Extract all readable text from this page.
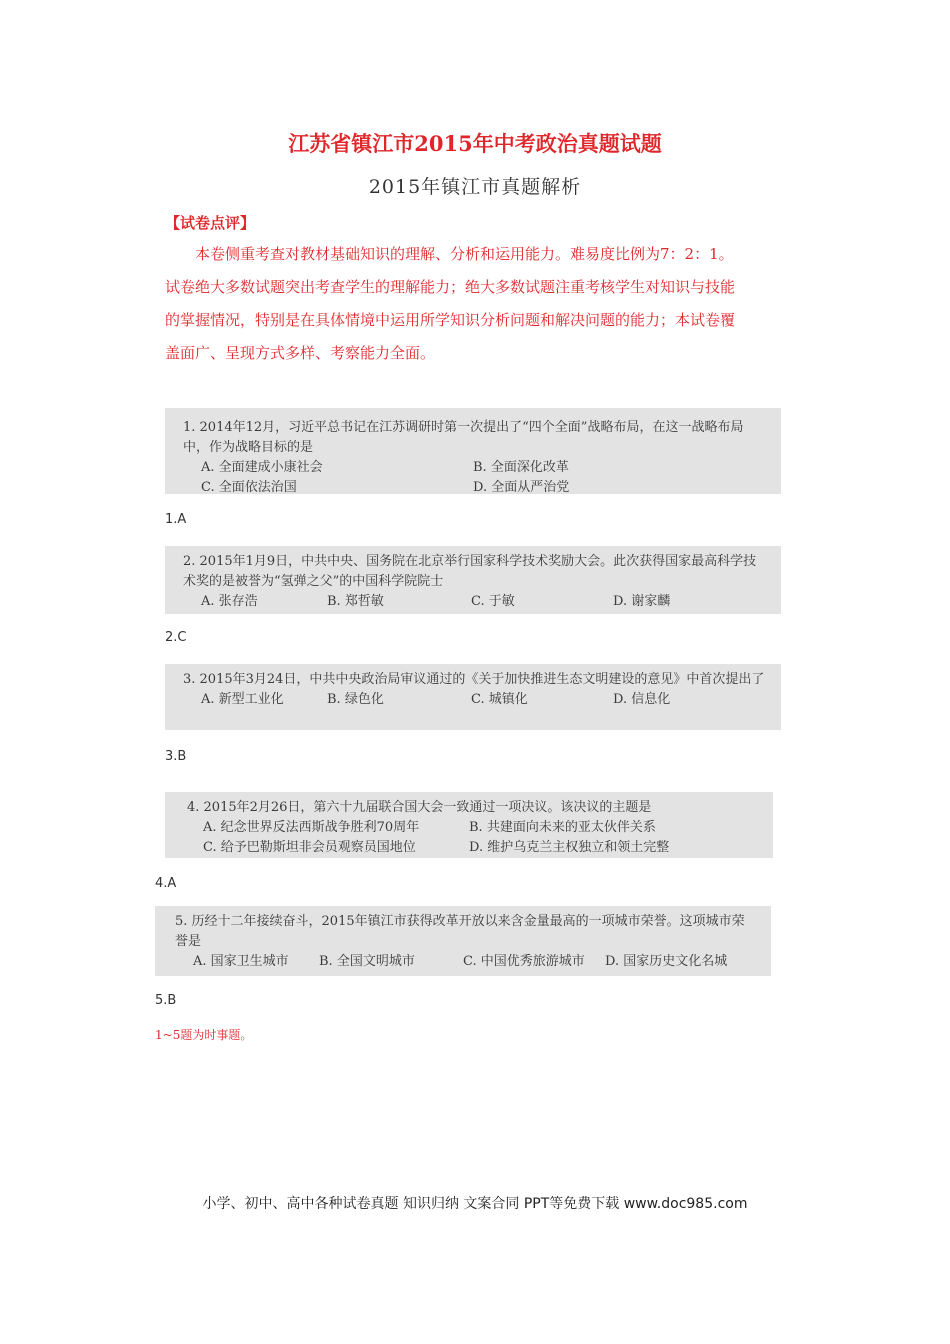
江苏省镇江市2015年中考政治真题试题
2015年镇江市真题解析
【试卷点评】
本卷侧重考查对教材基础知识的理解、分析和运用能力。难易度比例为7：2：1。试卷绝大多数试题突出考查学生的理解能力；绝大多数试题注重考核学生对知识与技能的掌握情况，特别是在具体情境中运用所学知识分析问题和解决问题的能力；本试卷覆盖面广、呈现方式多样、考察能力全面。

1. 2014年12月，习近平总书记在江苏调研时第一次提出了“四个全面”战略布局，在这一战略布局中，作为战略目标的是

A. 全面建成小康社会	B. 全面深化改革
C. 全面依法治国	D. 全面从严治党
1.A

2. 2015年1月9日，中共中央、国务院在北京举行国家科学技术奖励大会。此次获得国家最高科学技术奖的是被誉为“氢弹之父”的中国科学院院士

A. 张存浩	B. 郑哲敏	C. 于敏	D. 谢家麟
2.C

3. 2015年3月24日，中共中央政治局审议通过的《关于加快推进生态文明建设的意见》中首次提出了

A. 新型工业化	B. 绿色化	C. 城镇化	D. 信息化
3.B

4. 2015年2月26日，第六十九届联合国大会一致通过一项决议。该决议的主题是

A. 纪念世界反法西斯战争胜利70周年	B. 共建面向未来的亚太伙伴关系
C. 给予巴勒斯坦非会员观察员国地位	D. 维护乌克兰主权独立和领土完整
4.A

5. 历经十二年接续奋斗，2015年镇江市获得改革开放以来含金量最高的一项城市荣誉。这项城市荣誉是

A. 国家卫生城市 B. 全国文明城市	C. 中国优秀旅游城市 D. 国家历史文化名城
5.B
1~5题为时事题。
小学、初中、高中各种试卷真题 知识归纳 文案合同 PPT等免费下载 www.doc985.com
